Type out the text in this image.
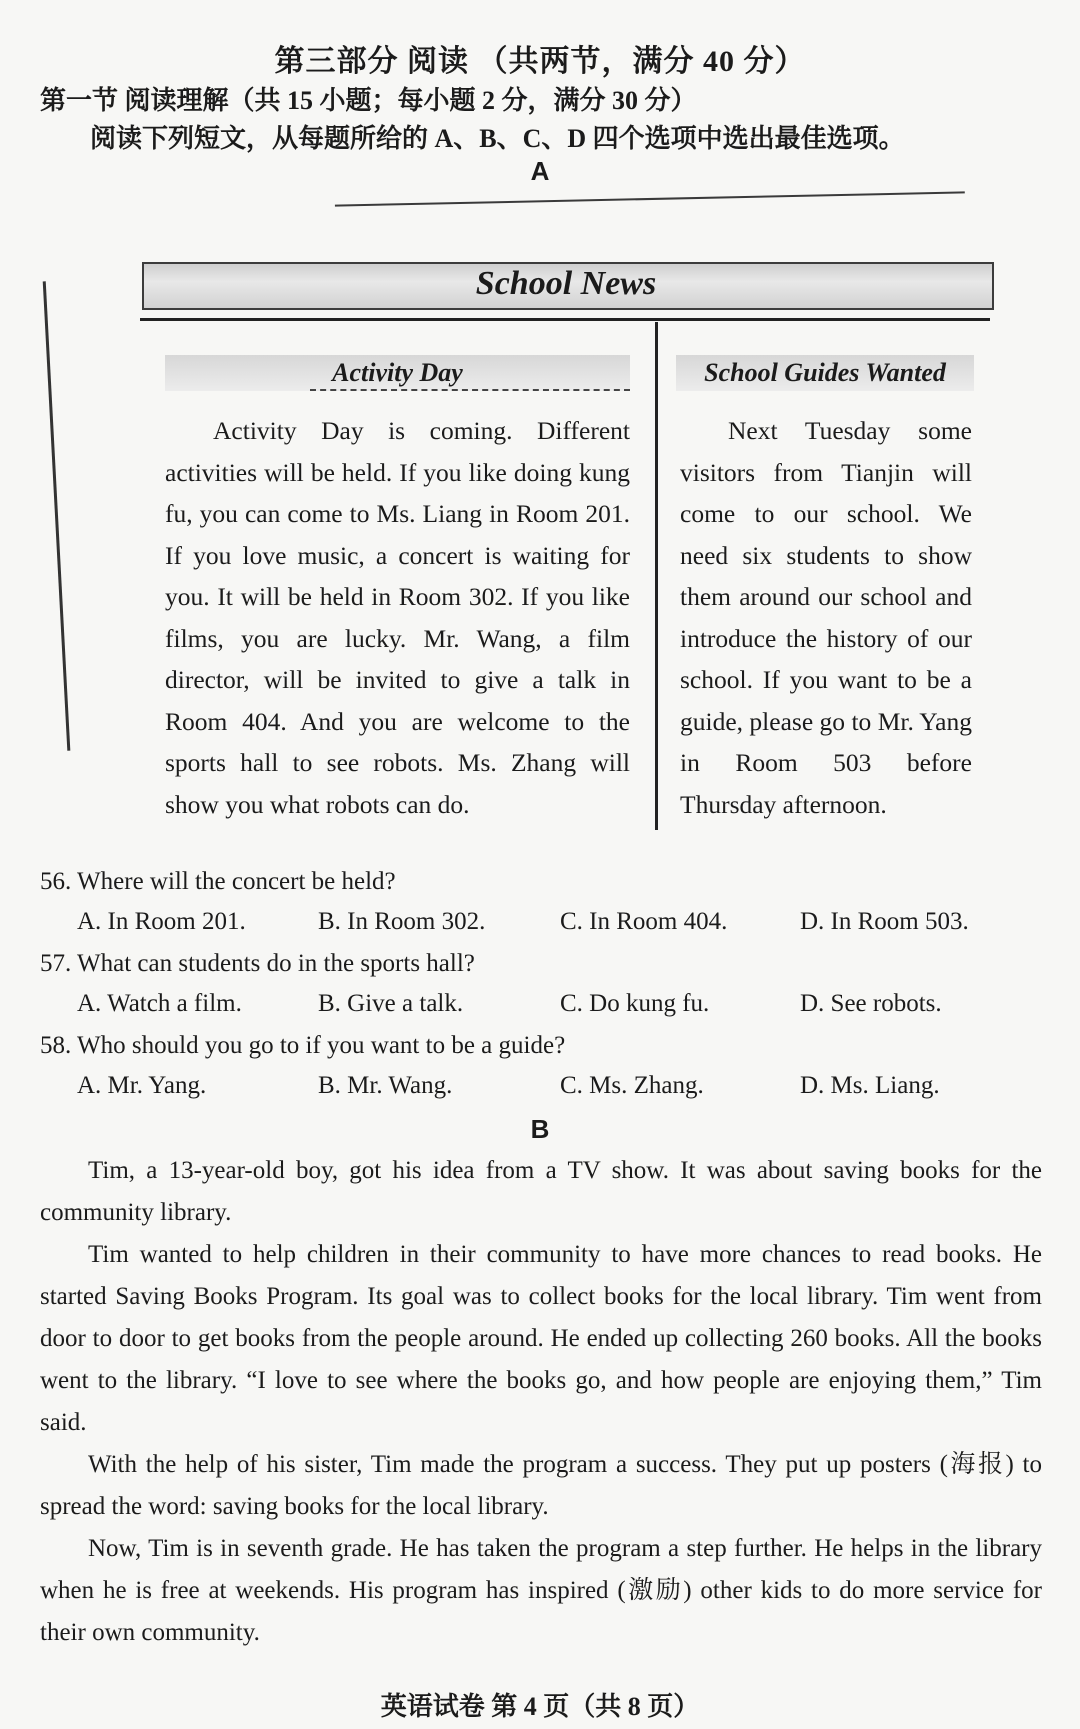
第三部分 阅读 （共两节，满分 40 分）
第一节 阅读理解（共 15 小题；每小题 2 分，满分 30 分）
阅读下列短文，从每题所给的 A、B、C、D 四个选项中选出最佳选项。
A
School News
Activity Day
Activity Day is coming. Different activities will be held. If you like doing kung fu, you can come to Ms. Liang in Room 201. If you love music, a concert is waiting for you. It will be held in Room 302. If you like films, you are lucky. Mr. Wang, a film director, will be invited to give a talk in Room 404. And you are welcome to the sports hall to see robots. Ms. Zhang will show you what robots can do.
School Guides Wanted
Next Tuesday some visitors from Tianjin will come to our school. We need six students to show them around our school and introduce the history of our school. If you want to be a guide, please go to Mr. Yang in Room 503 before Thursday afternoon.
56. Where will the concert be held?
A. In Room 201.	B. In Room 302.	C. In Room 404.	D. In Room 503.
57. What can students do in the sports hall?
A. Watch a film.	B. Give a talk.	C. Do kung fu.	D. See robots.
58. Who should you go to if you want to be a guide?
A. Mr. Yang.	B. Mr. Wang.	C. Ms. Zhang.	D. Ms. Liang.
B
Tim, a 13-year-old boy, got his idea from a TV show. It was about saving books for the community library.
Tim wanted to help children in their community to have more chances to read books. He started Saving Books Program. Its goal was to collect books for the local library. Tim went from door to door to get books from the people around. He ended up collecting 260 books. All the books went to the library. “I love to see where the books go, and how people are enjoying them,” Tim said.
With the help of his sister, Tim made the program a success. They put up posters (海报) to spread the word: saving books for the local library.
Now, Tim is in seventh grade. He has taken the program a step further. He helps in the library when he is free at weekends. His program has inspired (激励) other kids to do more service for their own community.
英语试卷 第 4 页（共 8 页）
